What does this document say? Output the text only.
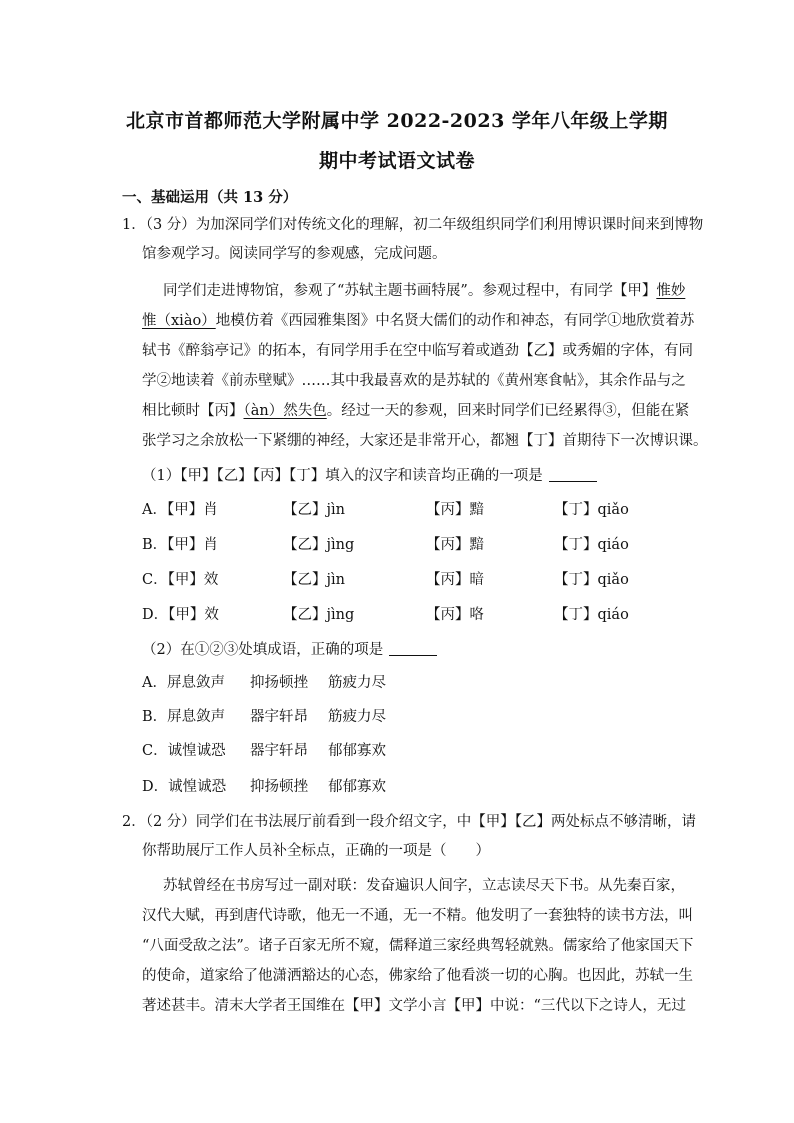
北京市首都师范大学附属中学 2022-2023 学年八年级上学期
期中考试语文试卷
一、基础运用（共 13 分）
1．（3 分）为加深同学们对传统文化的理解，初二年级组织同学们利用博识课时间来到博物
馆参观学习。阅读同学写的参观感，完成问题。
同学们走进博物馆，参观了“苏轼主题书画特展”。参观过程中，有同学【甲】惟妙
惟（xiào）地模仿着《西园雅集图》中名贤大儒们的动作和神态，有同学①地欣赏着苏
轼书《醉翁亭记》的拓本，有同学用手在空中临写着或遒劲【乙】或秀媚的字体，有同
学②地读着《前赤壁赋》……其中我最喜欢的是苏轼的《黄州寒食帖》，其余作品与之
相比顿时【丙】（àn）然失色。经过一天的参观，回来时同学们已经累得③，但能在紧
张学习之余放松一下紧绷的神经，大家还是非常开心，都翘【丁】首期待下一次博识课。
（1）【甲】【乙】【丙】【丁】填入的汉字和读音均正确的一项是
A．【甲】肖	【乙】jìn	【丙】黯	【丁】qiǎo
B．【甲】肖	【乙】jìng	【丙】黯	【丁】qiáo
C．【甲】效	【乙】jìn	【丙】暗	【丁】qiǎo
D．【甲】效	【乙】jìng	【丙】咯	【丁】qiáo
（2）在①②③处填成语，正确的项是
A．屏息敛声 抑扬顿挫 筋疲力尽
B．屏息敛声 器宇轩昂 筋疲力尽
C．诚惶诚恐 器宇轩昂 郁郁寡欢
D．诚惶诚恐 抑扬顿挫 郁郁寡欢
2．（2 分）同学们在书法展厅前看到一段介绍文字，中【甲】【乙】两处标点不够清晰，请
你帮助展厅工作人员补全标点，正确的一项是（　　）
苏轼曾经在书房写过一副对联：发奋遍识人间字，立志读尽天下书。从先秦百家，
汉代大赋，再到唐代诗歌，他无一不通，无一不精。他发明了一套独特的读书方法，叫
“八面受敌之法”。诸子百家无所不窥，儒释道三家经典驾轻就熟。儒家给了他家国天下
的使命，道家给了他潇洒豁达的心态，佛家给了他看淡一切的心胸。也因此，苏轼一生
著述甚丰。清末大学者王国维在【甲】文学小言【甲】中说：“三代以下之诗人，无过
